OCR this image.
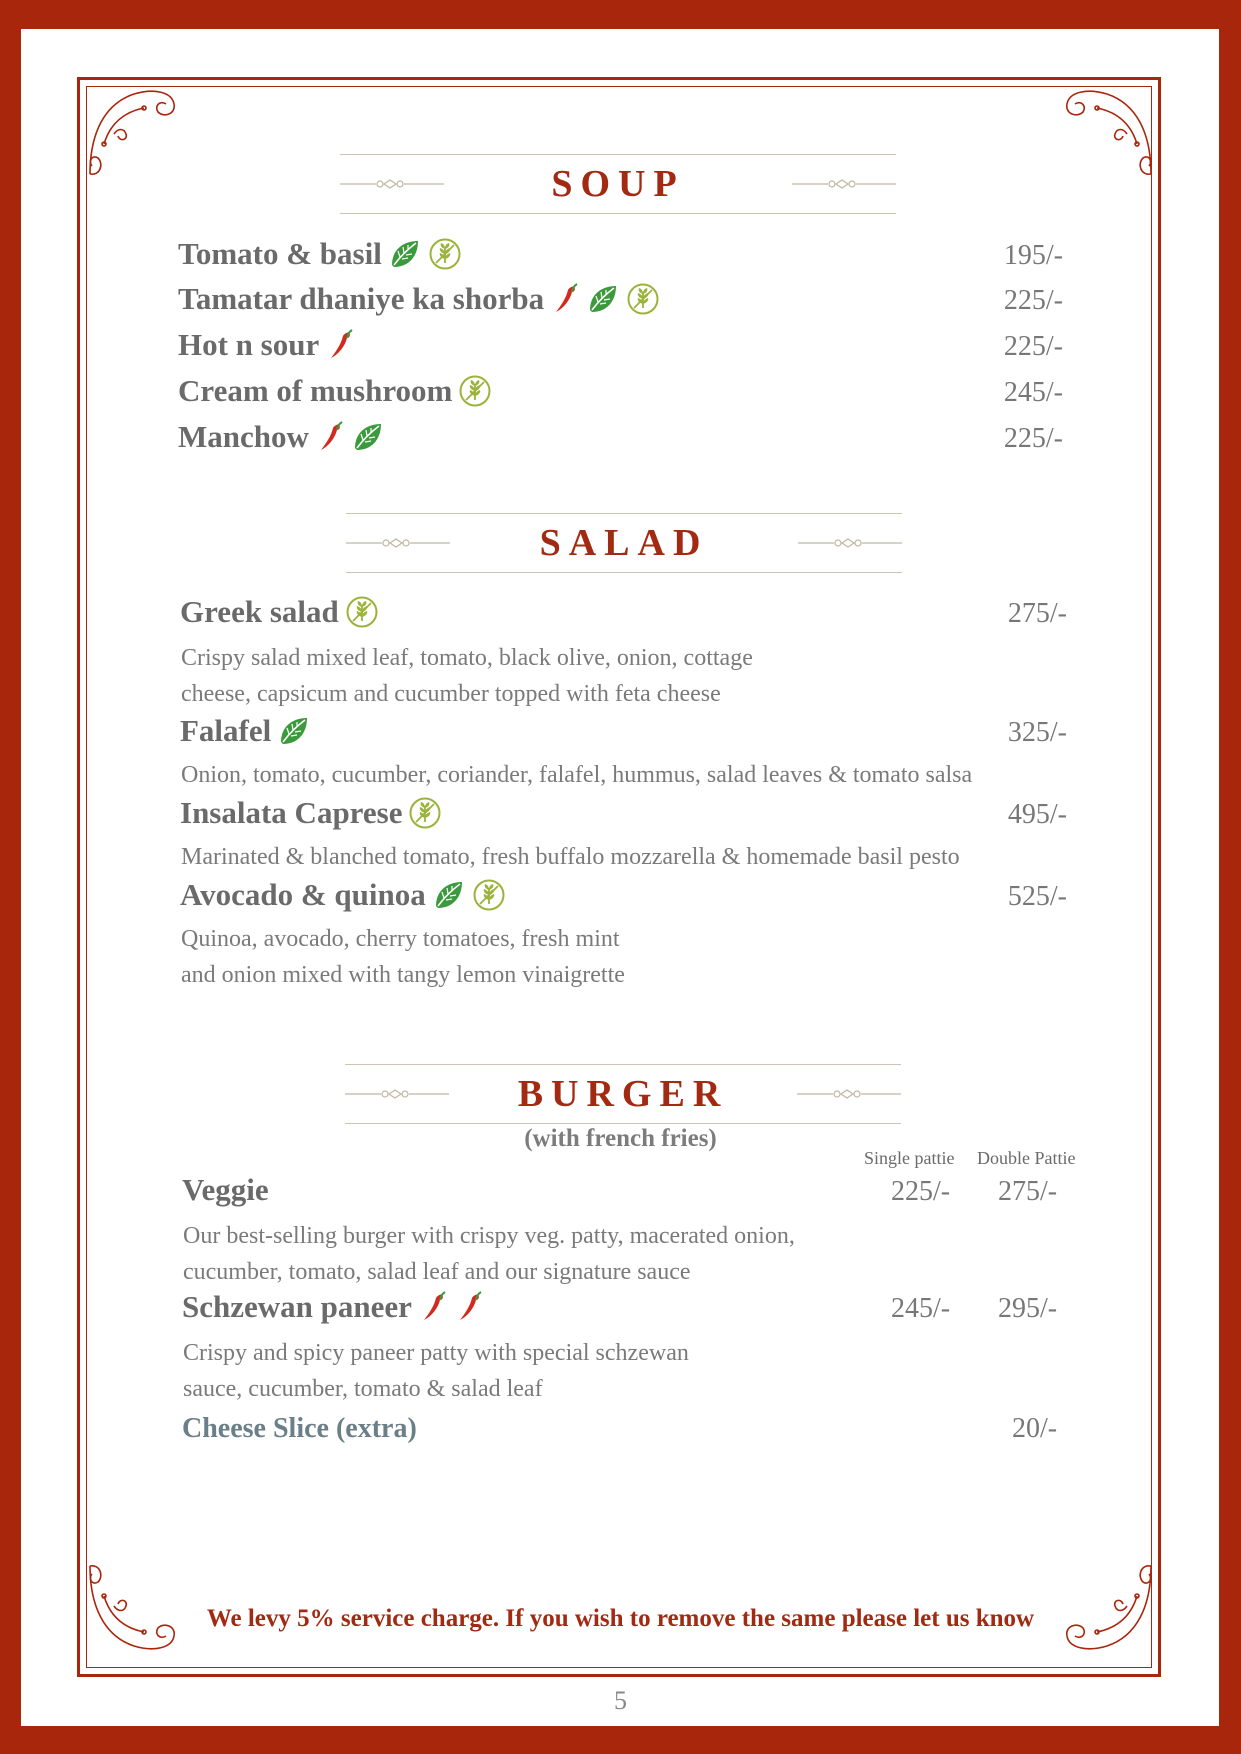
SOUP
Tomato & basil	195/-
Tamatar dhaniye ka shorba	225/-
Hot n sour	225/-
Cream of mushroom	245/-
Manchow	225/-
SALAD
Greek salad	275/-
Crispy salad mixed leaf, tomato, black olive, onion, cottage
cheese, capsicum and cucumber topped with feta cheese
Falafel	325/-
Onion, tomato, cucumber, coriander, falafel, hummus, salad leaves & tomato salsa
Insalata Caprese	495/-
Marinated & blanched tomato, fresh buffalo mozzarella & homemade basil pesto
Avocado & quinoa	525/-
Quinoa, avocado, cherry tomatoes, fresh mint
and onion mixed with tangy lemon vinaigrette
BURGER
(with french fries)
Single pattie Double Pattie
Veggie	225/- 275/-
Our best-selling burger with crispy veg. patty, macerated onion,
cucumber, tomato, salad leaf and our signature sauce
Schzewan paneer	245/- 295/-
Crispy and spicy paneer patty with special schzewan
sauce, cucumber, tomato & salad leaf
Cheese Slice (extra)	20/-
We levy 5% service charge. If you wish to remove the same please let us know
5
